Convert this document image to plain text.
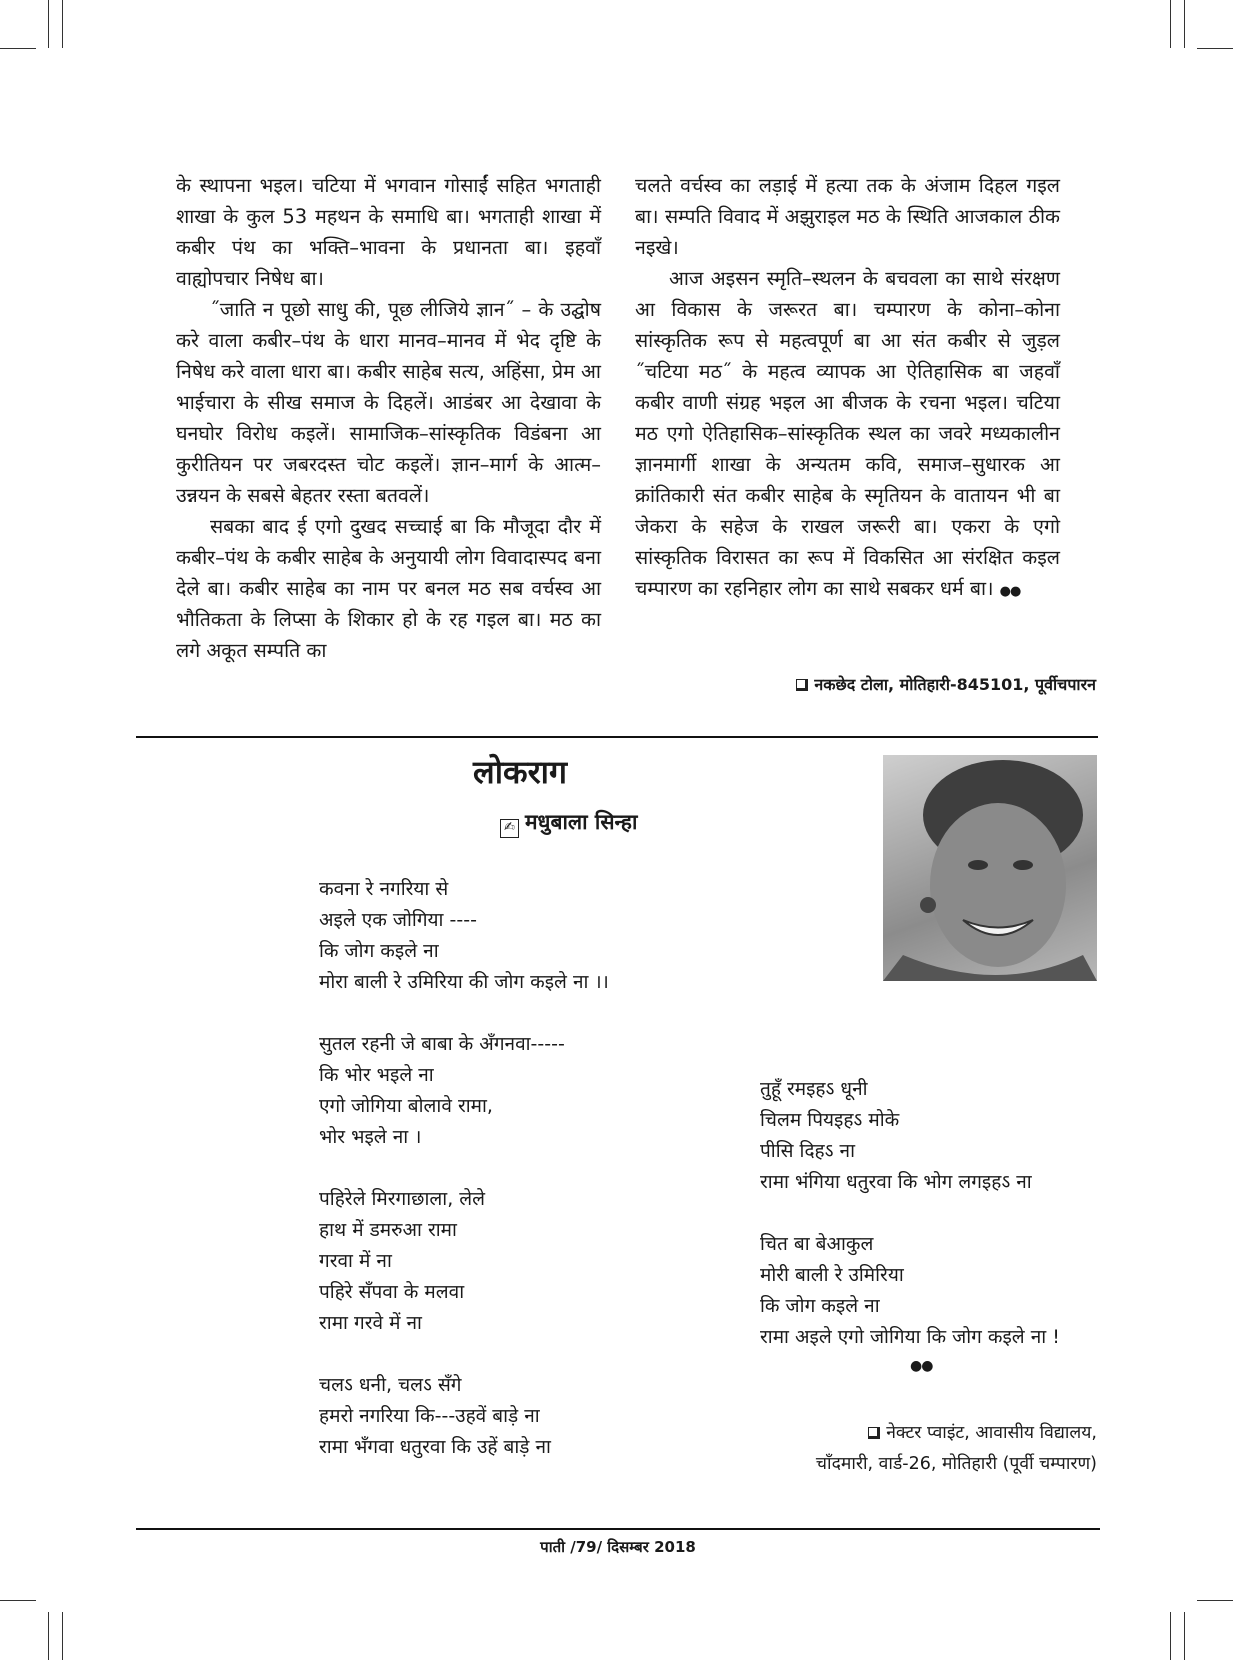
के स्थापना भइल। चटिया में भगवान गोसाईं सहित भगताही शाखा के कुल 53 महथन के समाधि बा। भगताही शाखा में कबीर पंथ का भक्ति–भावना के प्रधानता बा। इहवाँ वाह्योपचार निषेध बा।

˝जाति न पूछो साधु की, पूछ लीजिये ज्ञान˝ – के उद्घोष करे वाला कबीर–पंथ के धारा मानव–मानव में भेद दृष्टि के निषेध करे वाला धारा बा। कबीर साहेब सत्य, अहिंसा, प्रेम आ भाईचारा के सीख समाज के दिहलें। आडंबर आ देखावा के घनघोर विरोध कइलें। सामाजिक–सांस्कृतिक विडंबना आ कुरीतियन पर जबरदस्त चोट कइलें। ज्ञान–मार्ग के आत्म–उन्नयन के सबसे बेहतर रस्ता बतवलें।

सबका बाद ई एगो दुखद सच्चाई बा कि मौजूदा दौर में कबीर–पंथ के कबीर साहेब के अनुयायी लोग विवादास्पद बना देले बा। कबीर साहेब का नाम पर बनल मठ सब वर्चस्व आ भौतिकता के लिप्सा के शिकार हो के रह गइल बा। मठ का लगे अकूत सम्पति का

चलते वर्चस्व का लड़ाई में हत्या तक के अंजाम दिहल गइल बा। सम्पति विवाद में अझुराइल मठ के स्थिति आजकाल ठीक नइखे।

आज अइसन स्मृति–स्थलन के बचवला का साथे संरक्षण आ विकास के जरूरत बा। चम्पारण के कोना–कोना सांस्कृतिक रूप से महत्वपूर्ण बा आ संत कबीर से जुड़ल ˝चटिया मठ˝ के महत्व व्यापक आ ऐतिहासिक बा जहवाँ कबीर वाणी संग्रह भइल आ बीजक के रचना भइल। चटिया मठ एगो ऐतिहासिक–सांस्कृतिक स्थल का जवरे मध्यकालीन ज्ञानमार्गी शाखा के अन्यतम कवि, समाज–सुधारक आ क्रांतिकारी संत कबीर साहेब के स्मृतियन के वातायन भी बा जेकरा के सहेज के राखल जरूरी बा। एकरा के एगो सांस्कृतिक विरासत का रूप में विकसित आ संरक्षित कइल चम्पारण का रहनिहार लोग का साथे सबकर धर्म बा। ●●

नकछेद टोला, मोतिहारी-845101, पूर्वीचपारन
लोकराग
✍ मधुबाला सिन्हा
कवना रे नगरिया से
अइले एक जोगिया ----
कि जोग कइले ना
मोरा बाली रे उमिरिया की जोग कइले ना ।।
सुतल रहनी जे बाबा के अँगनवा-----
कि भोर भइले ना
एगो जोगिया बोलावे रामा,
भोर भइले ना ।
पहिरेले मिरगाछाला, लेले
हाथ में डमरुआ रामा
गरवा में ना
पहिरे सँपवा के मलवा
रामा गरवे में ना
चलऽ धनी, चलऽ सँगे
हमरो नगरिया कि---उहवें बाड़े ना
रामा भँगवा धतुरवा कि उहें बाड़े ना
तुहूँ रमइहऽ धूनी
चिलम पियइहऽ मोके
पीसि दिहऽ ना
रामा भंगिया धतुरवा कि भोग लगइहऽ ना
चित बा बेआकुल
मोरी बाली रे उमिरिया
कि जोग कइले ना
रामा अइले एगो जोगिया कि जोग कइले ना !
●●
नेक्टर प्वाइंट, आवासीय विद्यालय,
चाँदमारी, वार्ड-26, मोतिहारी (पूर्वी चम्पारण)
पाती /79/ दिसम्बर 2018
